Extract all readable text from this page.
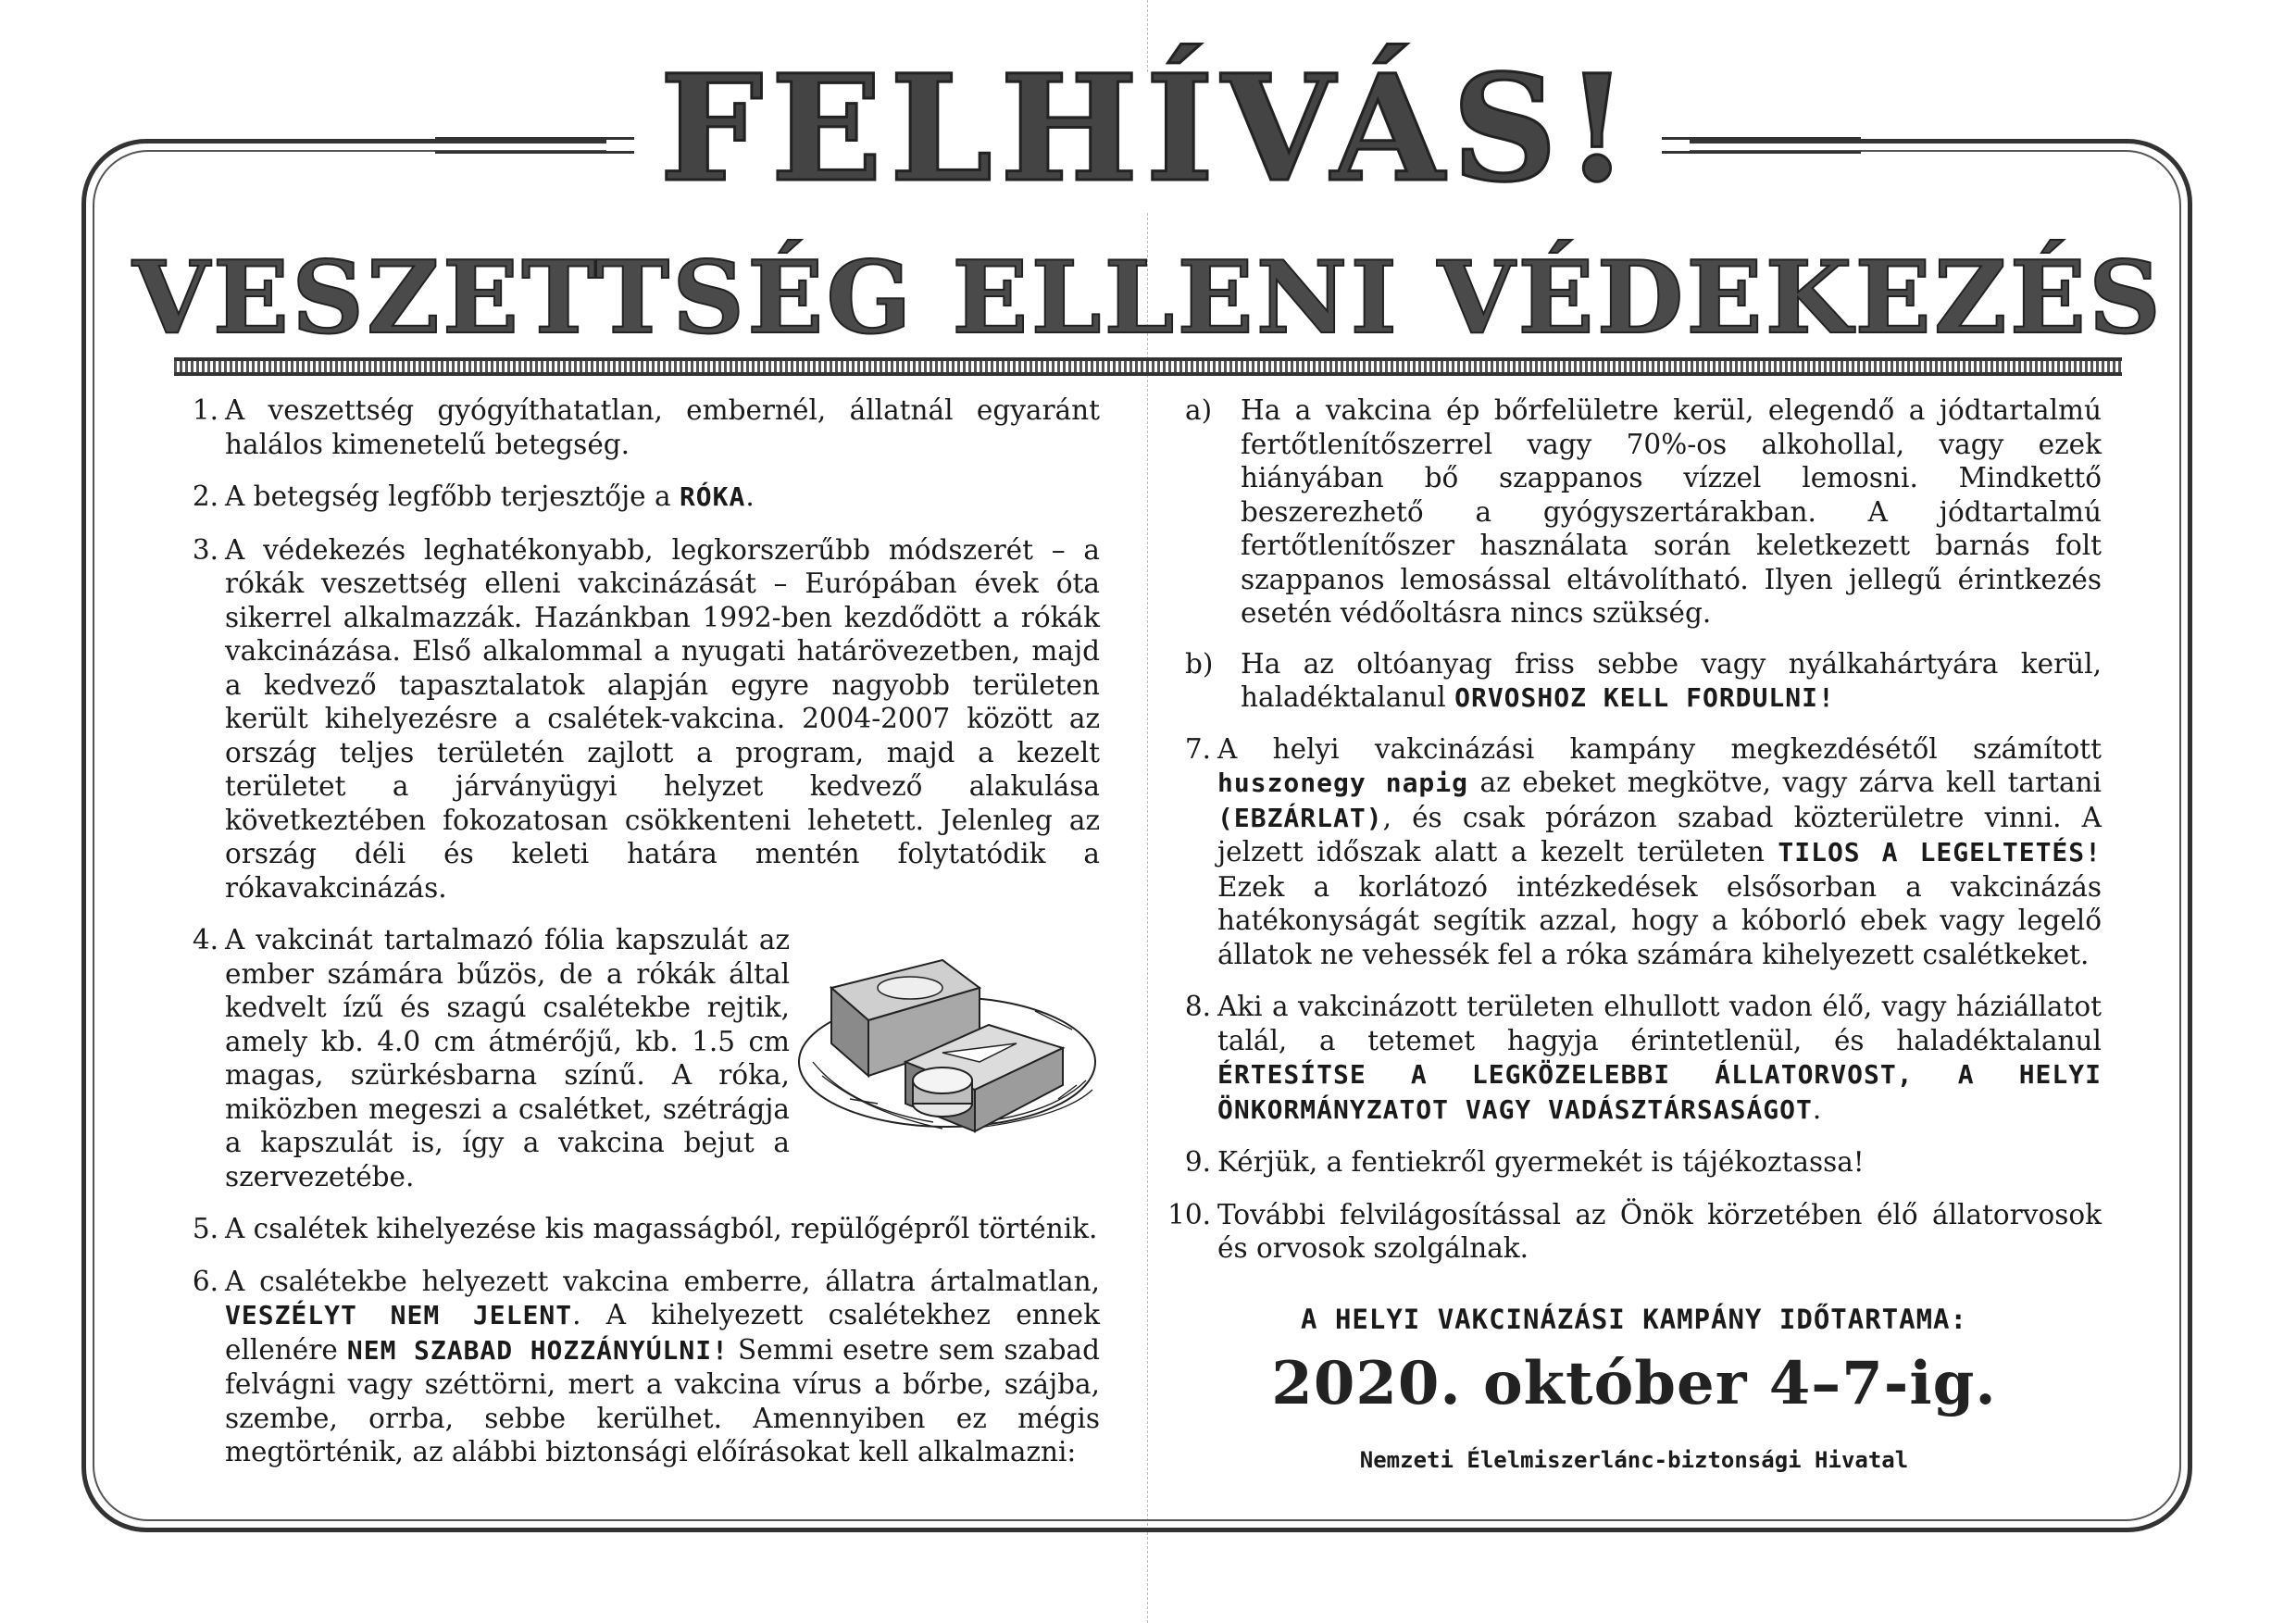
FELHÍVÁS!
VESZETTSÉG ELLENI VÉDEKEZÉS
1. A veszettség gyógyíthatatlan, embernél, állatnál egyaránt halálos kimenetelű betegség.
2. A betegség legfőbb terjesztője a RÓKA.
3. A védekezés leghatékonyabb, legkorszerűbb módszerét – a rókák veszettség elleni vakcinázását – Európában évek óta sikerrel alkalmazzák. Hazánkban 1992-ben kezdődött a rókák vakcinázása. Első alkalommal a nyugati határövezetben, majd a kedvező tapasztalatok alapján egyre nagyobb területen került kihelyezésre a csalétek-vakcina. 2004-2007 között az ország teljes területén zajlott a program, majd a kezelt területet a járványügyi helyzet kedvező alakulása következtében fokozatosan csökkenteni lehetett. Jelenleg az ország déli és keleti határa mentén folytatódik a rókavakcinázás.
4. A vakcinát tartalmazó fólia kapszulát az ember számára bűzös, de a rókák által kedvelt ízű és szagú csalétekbe rejtik, amely kb. 4.0 cm átmérőjű, kb. 1.5 cm magas, szürkésbarna színű. A róka, miközben megeszi a csalétket, szétrágja a kapszulát is, így a vakcina bejut a szervezetébe.
5. A csalétek kihelyezése kis magasságból, repülőgépről történik.
6. A csalétekbe helyezett vakcina emberre, állatra ártalmatlan, VESZÉLYT NEM JELENT. A kihelyezett csalétekhez ennek ellenére NEM SZABAD HOZZÁNYÚLNI! Semmi esetre sem szabad felvágni vagy széttörni, mert a vakcina vírus a bőrbe, szájba, szembe, orrba, sebbe kerülhet. Amennyiben ez mégis megtörténik, az alábbi biztonsági előírásokat kell alkalmazni:
a) Ha a vakcina ép bőrfelületre kerül, elegendő a jódtartalmú fertőtlenítőszerrel vagy 70%-os alkohollal, vagy ezek hiányában bő szappanos vízzel lemosni. Mindkettő beszerezhető a gyógyszertárakban. A jódtartalmú fertőtlenítőszer használata során keletkezett barnás folt szappanos lemosással eltávolítható. Ilyen jellegű érintkezés esetén védőoltásra nincs szükség.
b) Ha az oltóanyag friss sebbe vagy nyálkahártyára kerül, haladéktalanul ORVOSHOZ KELL FORDULNI!
7. A helyi vakcinázási kampány megkezdésétől számított huszonegy napig az ebeket megkötve, vagy zárva kell tartani (EBZÁRLAT), és csak pórázon szabad közterületre vinni. A jelzett időszak alatt a kezelt területen TILOS A LEGELTETÉS! Ezek a korlátozó intézkedések elsősorban a vakcinázás hatékonyságát segítik azzal, hogy a kóborló ebek vagy legelő állatok ne vehessék fel a róka számára kihelyezett csalétkeket.
8. Aki a vakcinázott területen elhullott vadon élő, vagy háziállatot talál, a tetemet hagyja érintetlenül, és haladéktalanul ÉRTESÍTSE A LEGKÖZELEBBI ÁLLATORVOST, A HELYI ÖNKORMÁNYZATOT VAGY VADÁSZTÁRSASÁGOT.
9. Kérjük, a fentiekről gyermekét is tájékoztassa!
10. További felvilágosítással az Önök körzetében élő állatorvosok és orvosok szolgálnak.
A HELYI VAKCINÁZÁSI KAMPÁNY IDŐTARTAMA:
2020. október 4–7-ig.
Nemzeti Élelmiszerlánc-biztonsági Hivatal
